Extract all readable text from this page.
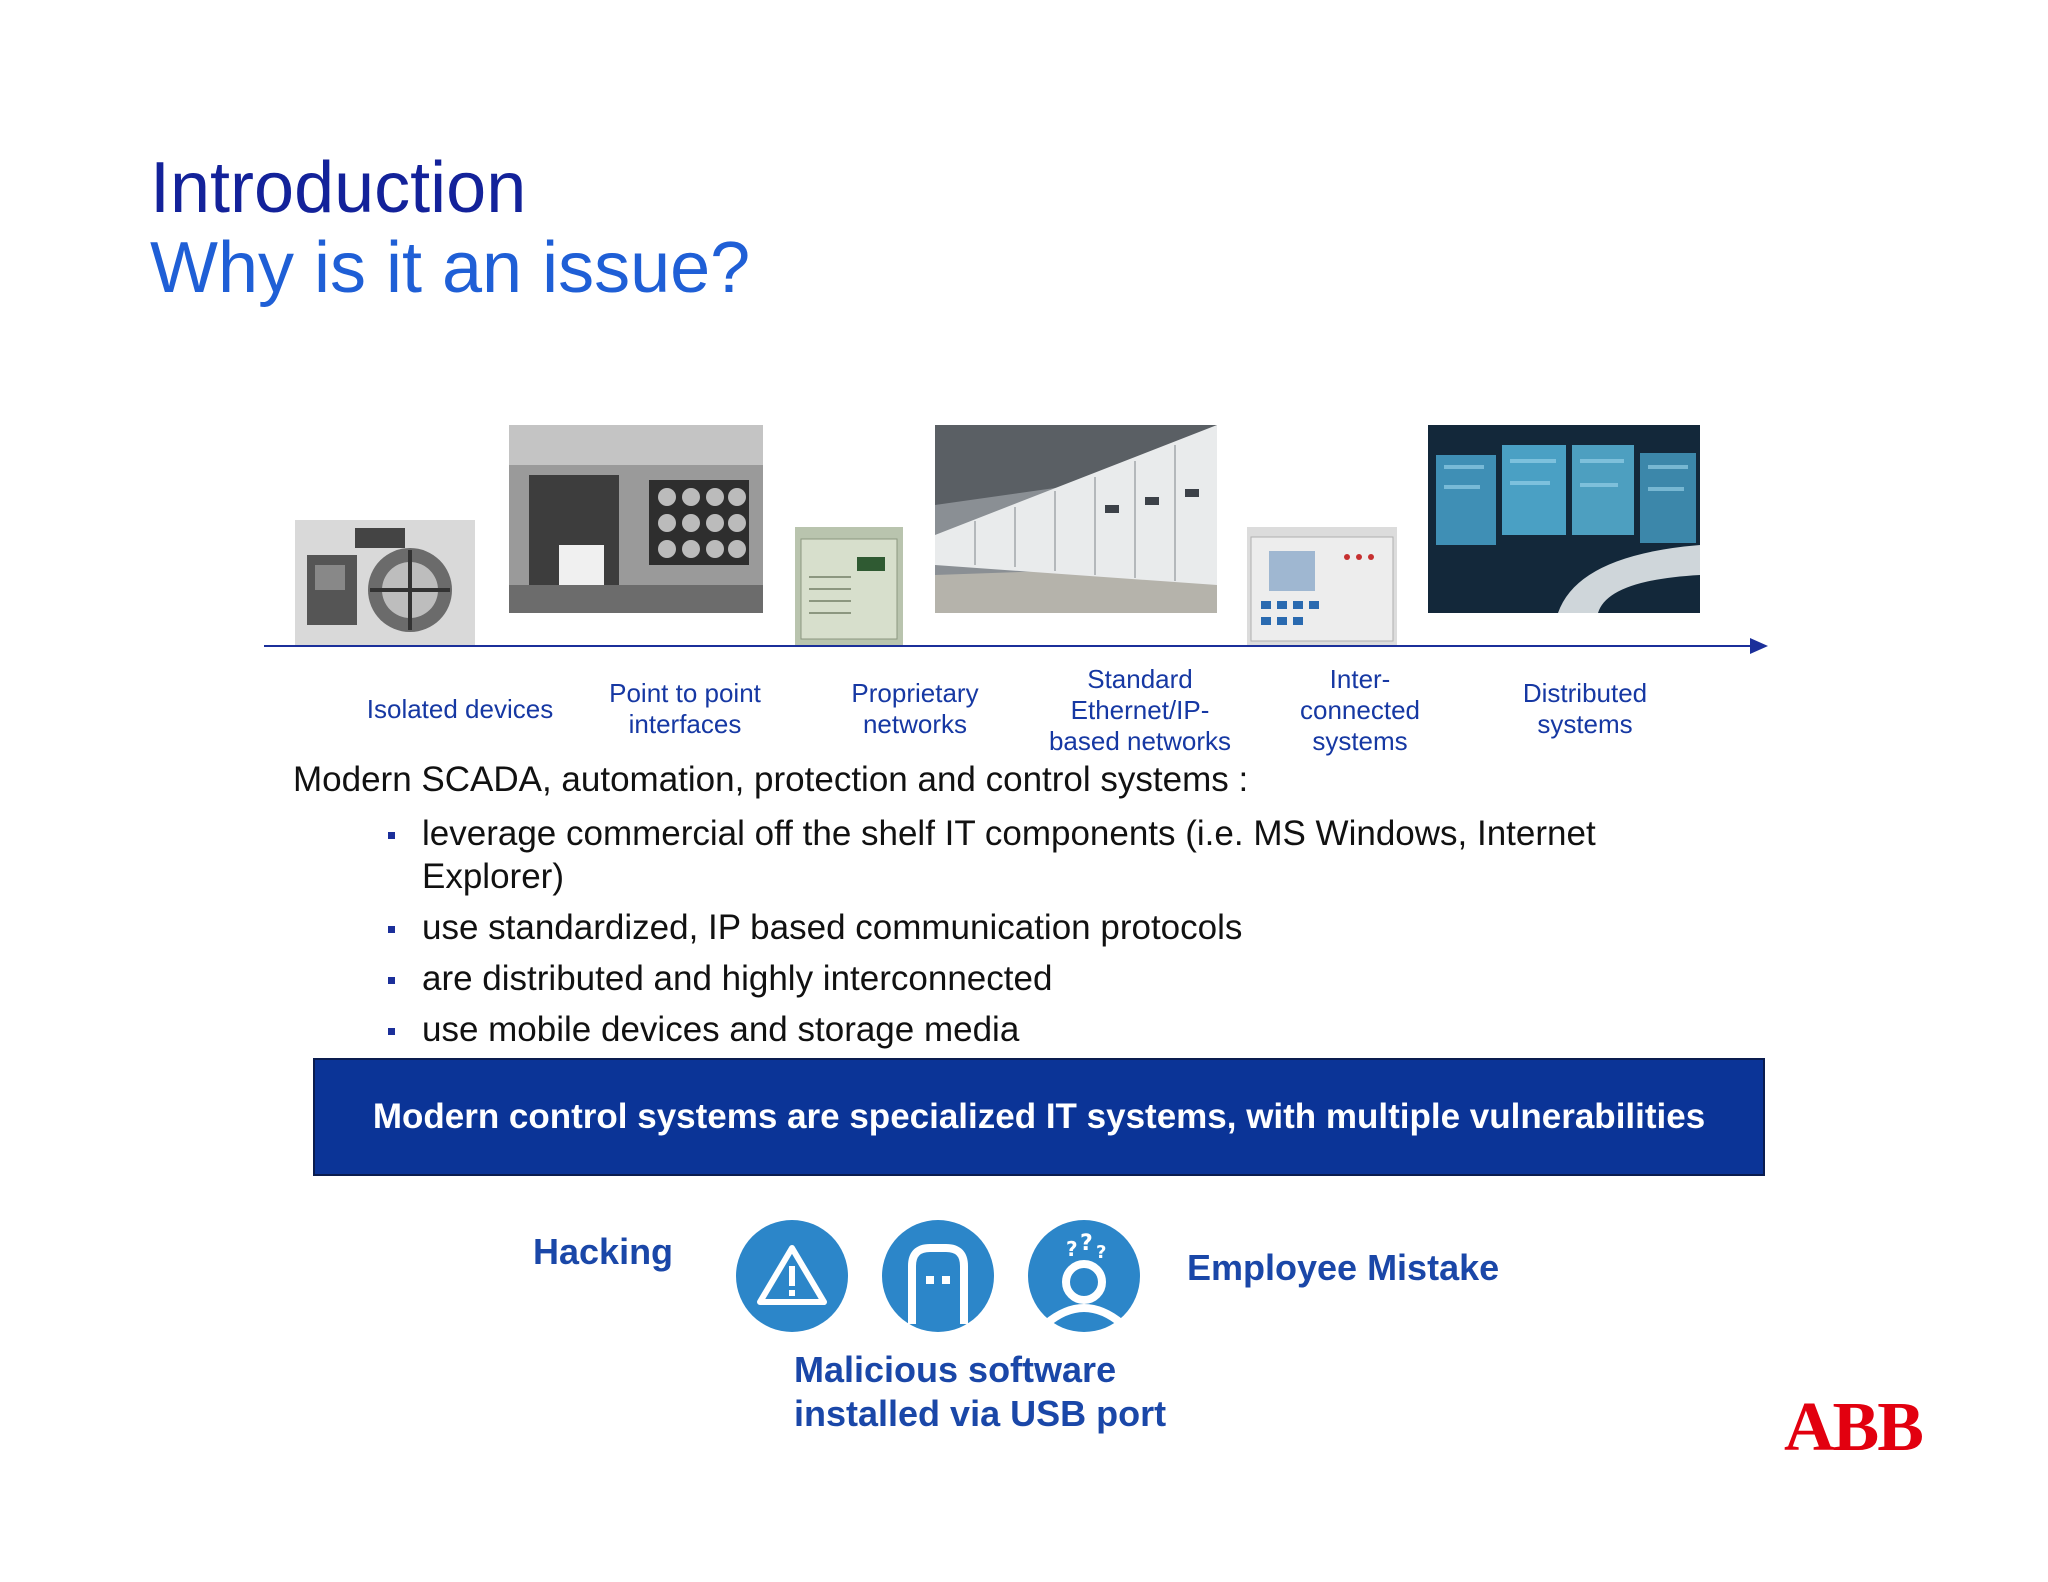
Introduction
Why is it an issue?
Isolated devices
Point to point
interfaces
Proprietary
networks
Standard
Ethernet/IP-
based networks
Inter-
connected
systems
Distributed
systems
Modern SCADA, automation, protection and control systems :
leverage commercial off the shelf IT components (i.e. MS Windows, Internet Explorer)
use standardized, IP based communication protocols
are distributed and highly interconnected
use mobile devices and storage media
Modern control systems are specialized IT systems, with multiple vulnerabilities
Hacking	Employee Mistake
Malicious software
installed via USB port
? ? ?
ABB
